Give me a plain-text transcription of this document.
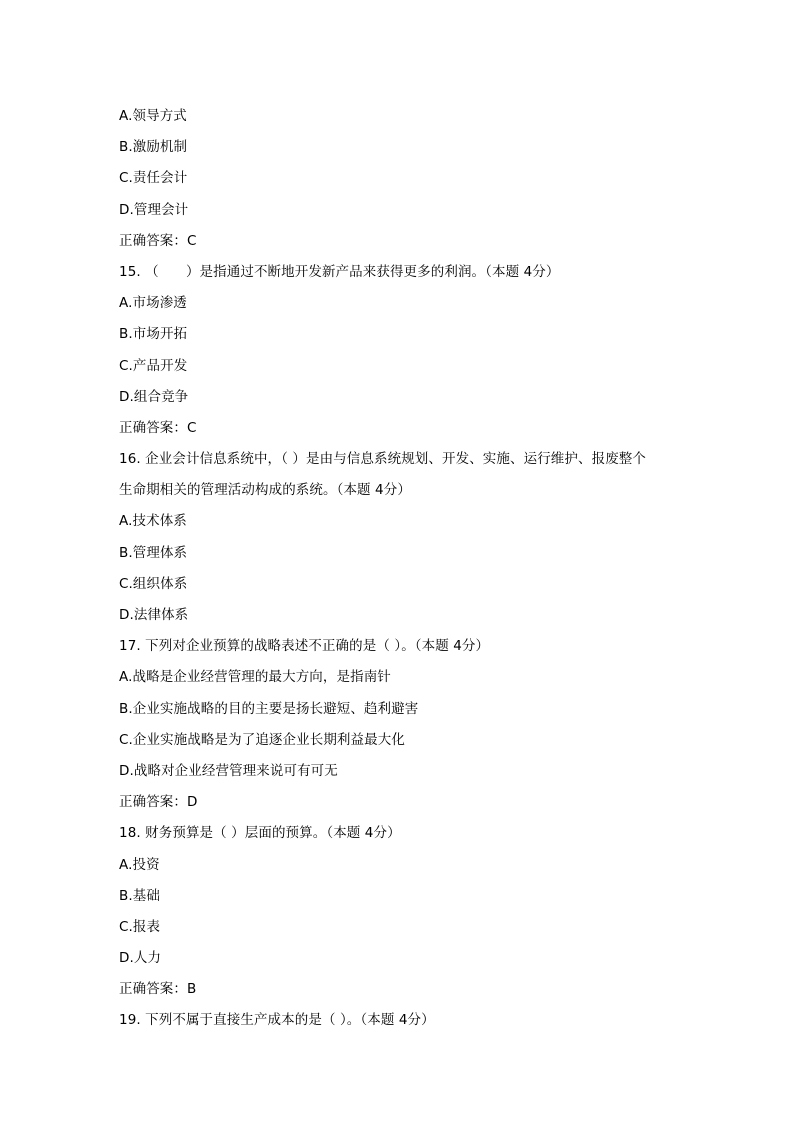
A.领导方式
B.激励机制
C.责任会计
D.管理会计
正确答案：C
15. （　　）是指通过不断地开发新产品来获得更多的利润。（本题 4分）
A.市场渗透
B.市场开拓
C.产品开发
D.组合竞争
正确答案：C
16. 企业会计信息系统中，（ ）是由与信息系统规划、开发、实施、运行维护、报废整个
生命期相关的管理活动构成的系统。（本题 4分）
A.技术体系
B.管理体系
C.组织体系
D.法律体系
17. 下列对企业预算的战略表述不正确的是（ ）。（本题 4分）
A.战略是企业经营管理的最大方向，是指南针
B.企业实施战略的目的主要是扬长避短、趋利避害
C.企业实施战略是为了追逐企业长期利益最大化
D.战略对企业经营管理来说可有可无
正确答案：D
18. 财务预算是（ ）层面的预算。（本题 4分）
A.投资
B.基础
C.报表
D.人力
正确答案：B
19. 下列不属于直接生产成本的是（ ）。（本题 4分）
